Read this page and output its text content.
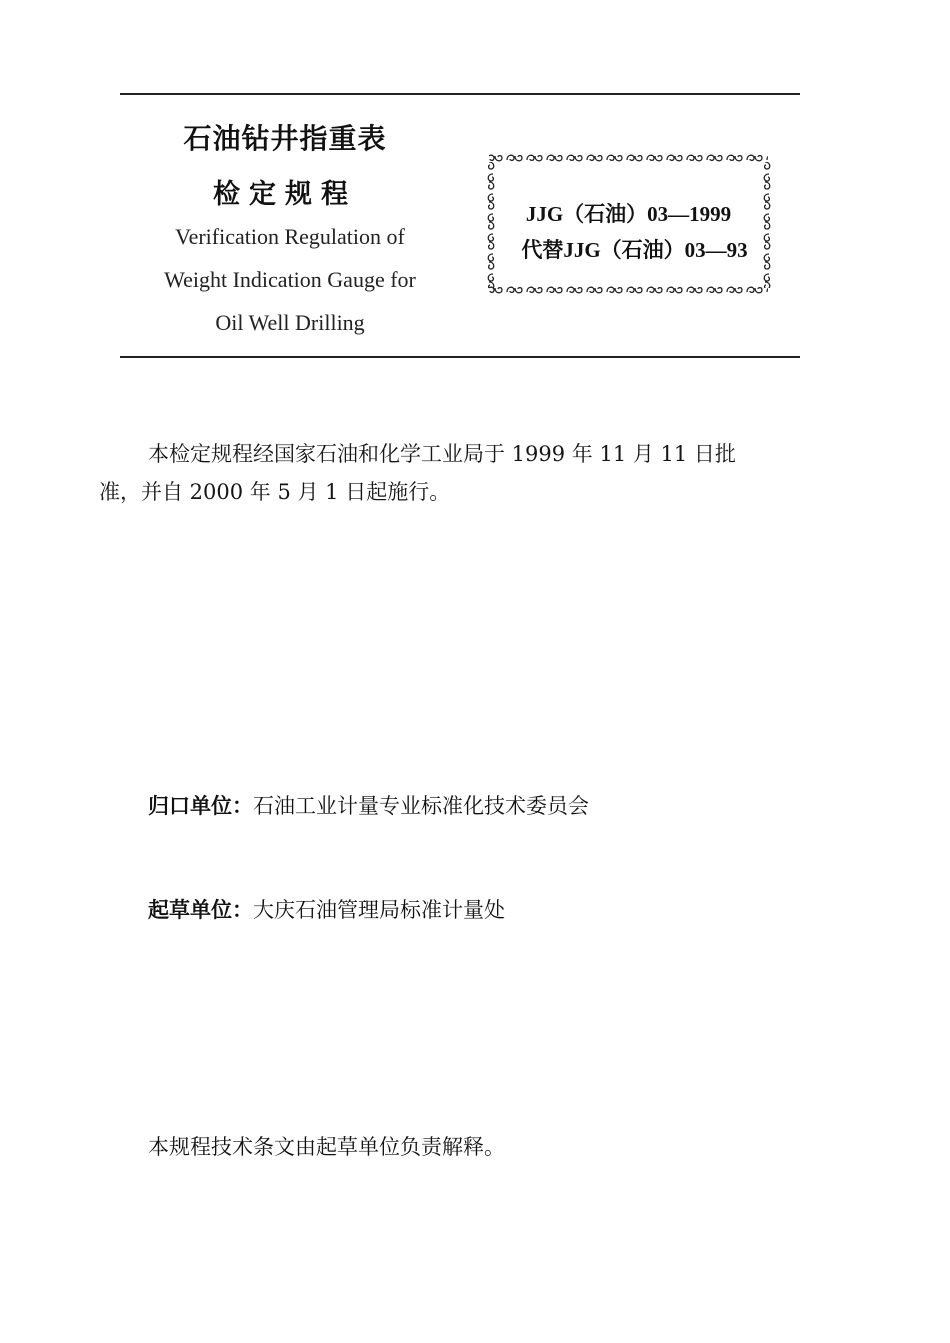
石油钻井指重表
检定规程
Verification Regulation of
Weight Indication Gauge for
Oil Well Drilling
JJG（石油）03—1999
代替JJG（石油）03—93
本检定规程经国家石油和化学工业局于 1999 年 11 月 11 日批
准，并自 2000 年 5 月 1 日起施行。
归口单位：石油工业计量专业标准化技术委员会
起草单位：大庆石油管理局标准计量处
本规程技术条文由起草单位负责解释。
